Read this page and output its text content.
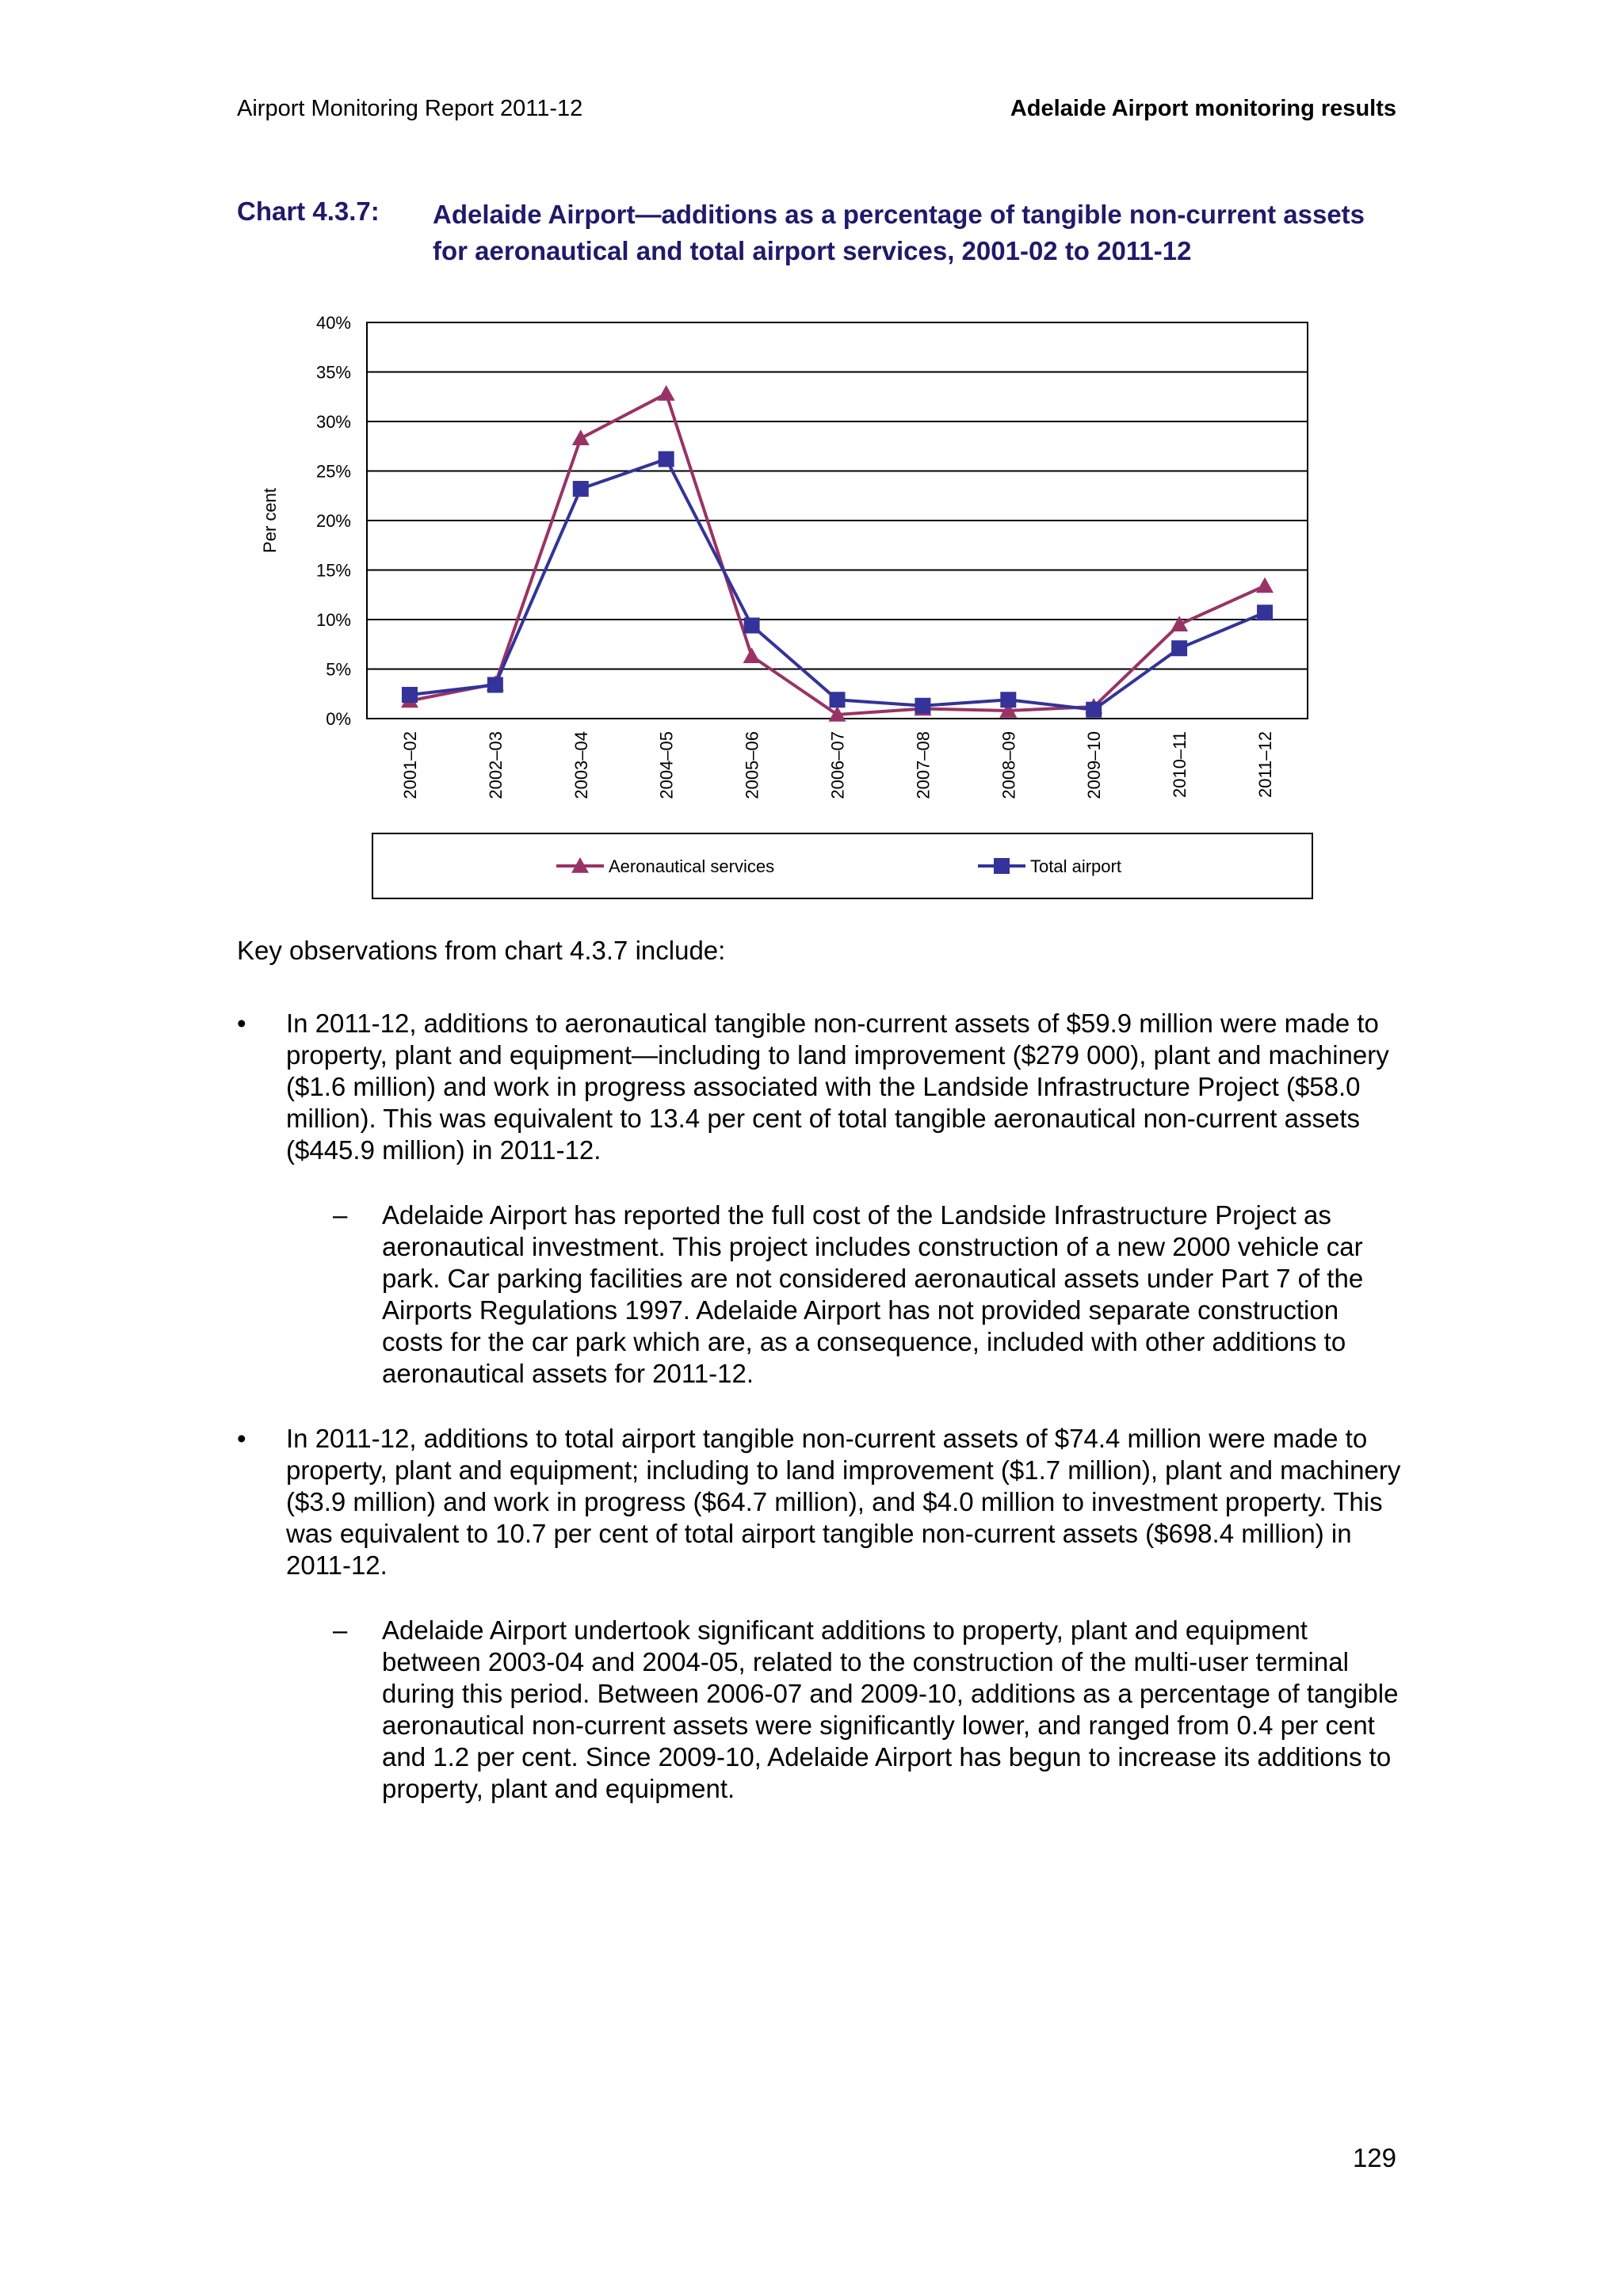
Airport Monitoring Report 2011-12	Adelaide Airport monitoring results
Chart 4.3.7: Adelaide Airport—additions as a percentage of tangible non-current assets for aeronautical and total airport services, 2001-02 to 2011-12
0%
5%
10%
15%
20%
25%
30%
35%
40%
Per cent
2001–02	2002–03	2003–04	2004–05	2005–06	2006–07	2007–08	2008–09	2009–10	2010–11	2011–12
Aeronautical services	Total airport
Key observations from chart 4.3.7 include:
• In 2011-12, additions to aeronautical tangible non-current assets of $59.9 million were made to property, plant and equipment—including to land improvement ($279 000), plant and machinery ($1.6 million) and work in progress associated with the Landside Infrastructure Project ($58.0 million). This was equivalent to 13.4 per cent of total tangible aeronautical non-current assets ($445.9 million) in 2011-12.
– Adelaide Airport has reported the full cost of the Landside Infrastructure Project as aeronautical investment. This project includes construction of a new 2000 vehicle car park. Car parking facilities are not considered aeronautical assets under Part 7 of the Airports Regulations 1997. Adelaide Airport has not provided separate construction costs for the car park which are, as a consequence, included with other additions to aeronautical assets for 2011-12.
• In 2011-12, additions to total airport tangible non-current assets of $74.4 million were made to property, plant and equipment; including to land improvement ($1.7 million), plant and machinery ($3.9 million) and work in progress ($64.7 million), and $4.0 million to investment property. This was equivalent to 10.7 per cent of total airport tangible non-current assets ($698.4 million) in 2011-12.
– Adelaide Airport undertook significant additions to property, plant and equipment between 2003-04 and 2004-05, related to the construction of the multi-user terminal during this period. Between 2006-07 and 2009-10, additions as a percentage of tangible aeronautical non-current assets were significantly lower, and ranged from 0.4 per cent and 1.2 per cent. Since 2009-10, Adelaide Airport has begun to increase its additions to property, plant and equipment.
129
